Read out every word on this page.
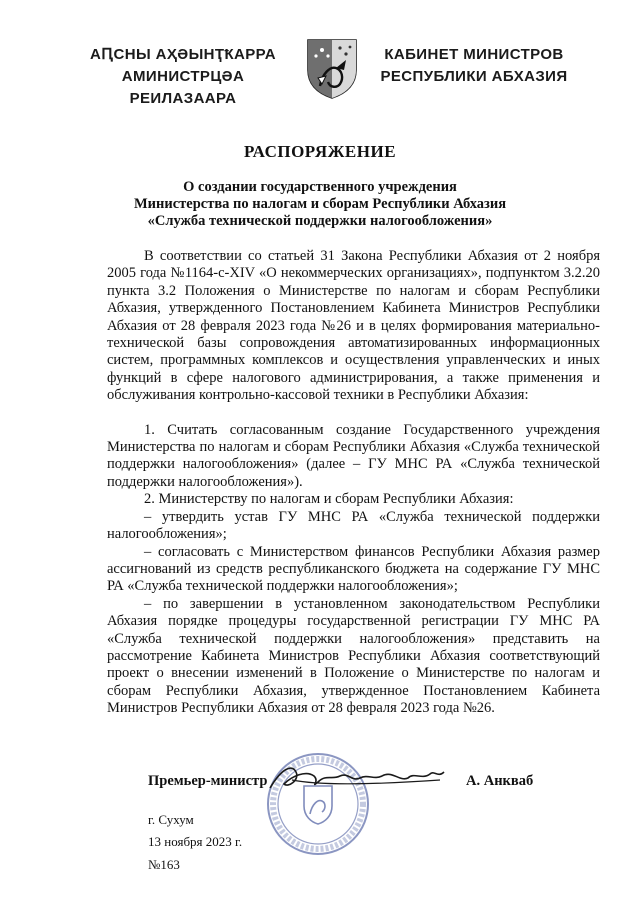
АԤСНЫ АҲӘЫНҬҞАРРА
АМИНИСТРЦӘА РЕИЛАЗААРА
КАБИНЕТ МИНИСТРОВ
РЕСПУБЛИКИ АБХАЗИЯ
РАСПОРЯЖЕНИЕ
О создании государственного учреждения
Министерства по налогам и сборам Республики Абхазия
«Служба технической поддержки налогообложения»

В соответствии со статьей 31 Закона Республики Абхазия от 2 ноября 2005 года №1164-с-XIV «О некоммерческих организациях», подпунктом 3.2.20 пункта 3.2 Положения о Министерстве по налогам и сборам Республики Абхазия, утвержденного Постановлением Кабинета Министров Республики Абхазия от 28 февраля 2023 года №26 и в целях формирования материально-технической базы сопровождения автоматизированных информационных систем, программных комплексов и осуществления управленческих и иных функций в сфере налогового администрирования, а также применения и обслуживания контрольно-кассовой техники в Республики Абхазия:

1. Считать согласованным создание Государственного учреждения Министерства по налогам и сборам Республики Абхазия «Служба технической поддержки налогообложения» (далее – ГУ МНС РА «Служба технической поддержки налогообложения»).

2. Министерству по налогам и сборам Республики Абхазия:

– утвердить устав ГУ МНС РА «Служба технической поддержки налогообложения»;

– согласовать с Министерством финансов Республики Абхазия размер ассигнований из средств республиканского бюджета на содержание ГУ МНС РА «Служба технической поддержки налогообложения»;

– по завершении в установленном законодательством Республики Абхазия порядке процедуры государственной регистрации ГУ МНС РА «Служба технической поддержки налогообложения» представить на рассмотрение Кабинета Министров Республики Абхазия соответствующий проект о внесении изменений в Положение о Министерстве по налогам и сборам Республики Абхазия, утвержденное Постановлением Кабинета Министров Республики Абхазия от 28 февраля 2023 года №26.

Премьер-министр	А. Анкваб
г. Сухум
13 ноября 2023 г.
№163
